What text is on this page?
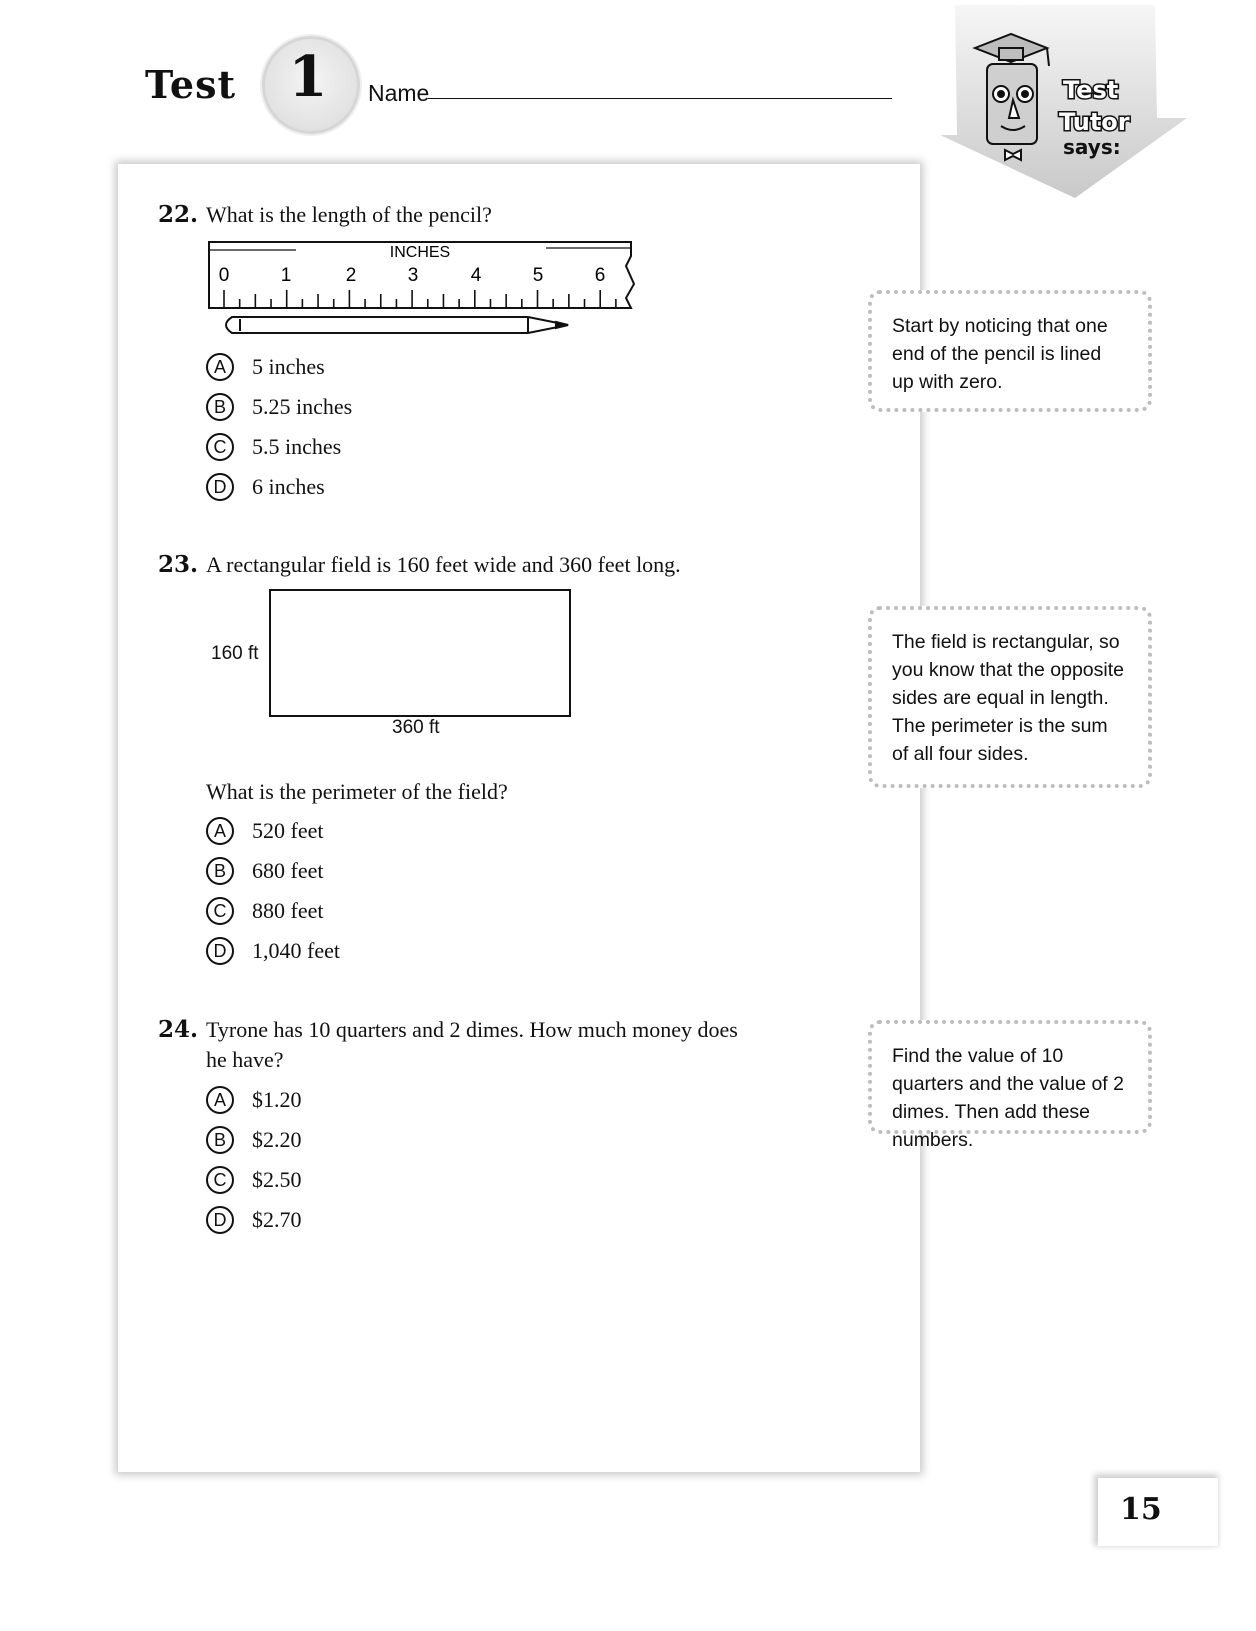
Test 1	Name	Test
Tutor
says:
22. What is the length of the pencil?
INCHES
0	1	2	3	4	5	6
A 5 inches
B 5.25 inches
C 5.5 inches
D 6 inches
Start by noticing that one end of the pencil is lined up with zero.
23. A rectangular field is 160 feet wide and 360 feet long.
160 ft
360 ft
What is the perimeter of the field?
A 520 feet
B 680 feet
C 880 feet
D 1,040 feet
The field is rectangular, so you know that the opposite sides are equal in length. The perimeter is the sum of all four sides.
24. Tyrone has 10 quarters and 2 dimes. How much money does
he have?
A $1.20
B $2.20
C $2.50
D $2.70
Find the value of 10 quarters and the value of 2 dimes. Then add these numbers.
15
